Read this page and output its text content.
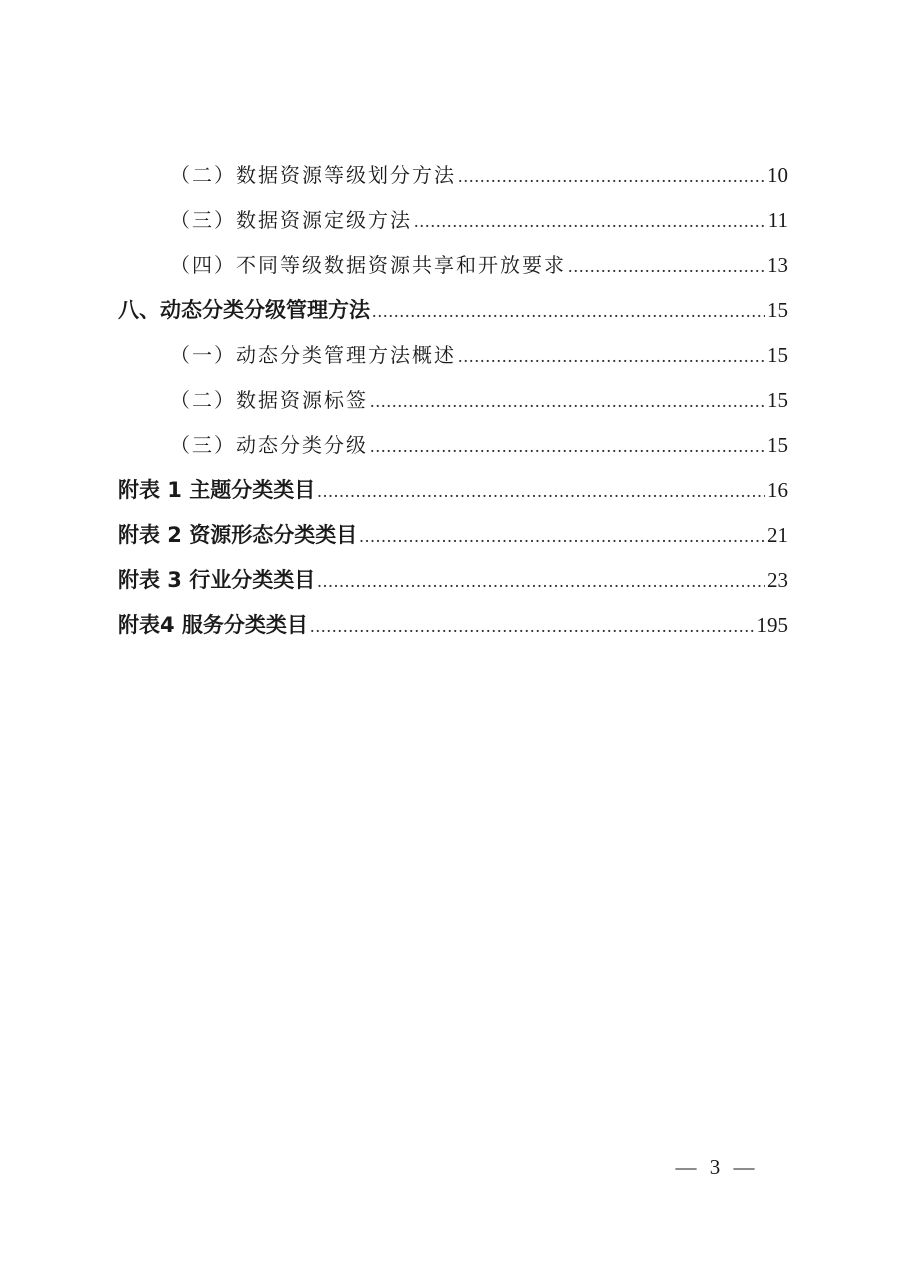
（二）数据资源等级划分方法 .....	10
（三）数据资源定级方法 .....	11
（四）不同等级数据资源共享和开放要求 .....	13
八、动态分类分级管理方法 .....	15
（一）动态分类管理方法概述 .....	15
（二）数据资源标签 .....	15
（三）动态分类分级 .....	15
附表 1 主题分类类目 .....	16
附表 2 资源形态分类类目 .....	21
附表 3 行业分类类目 .....	23
附表4 服务分类类目 .....	195
— 3 —
